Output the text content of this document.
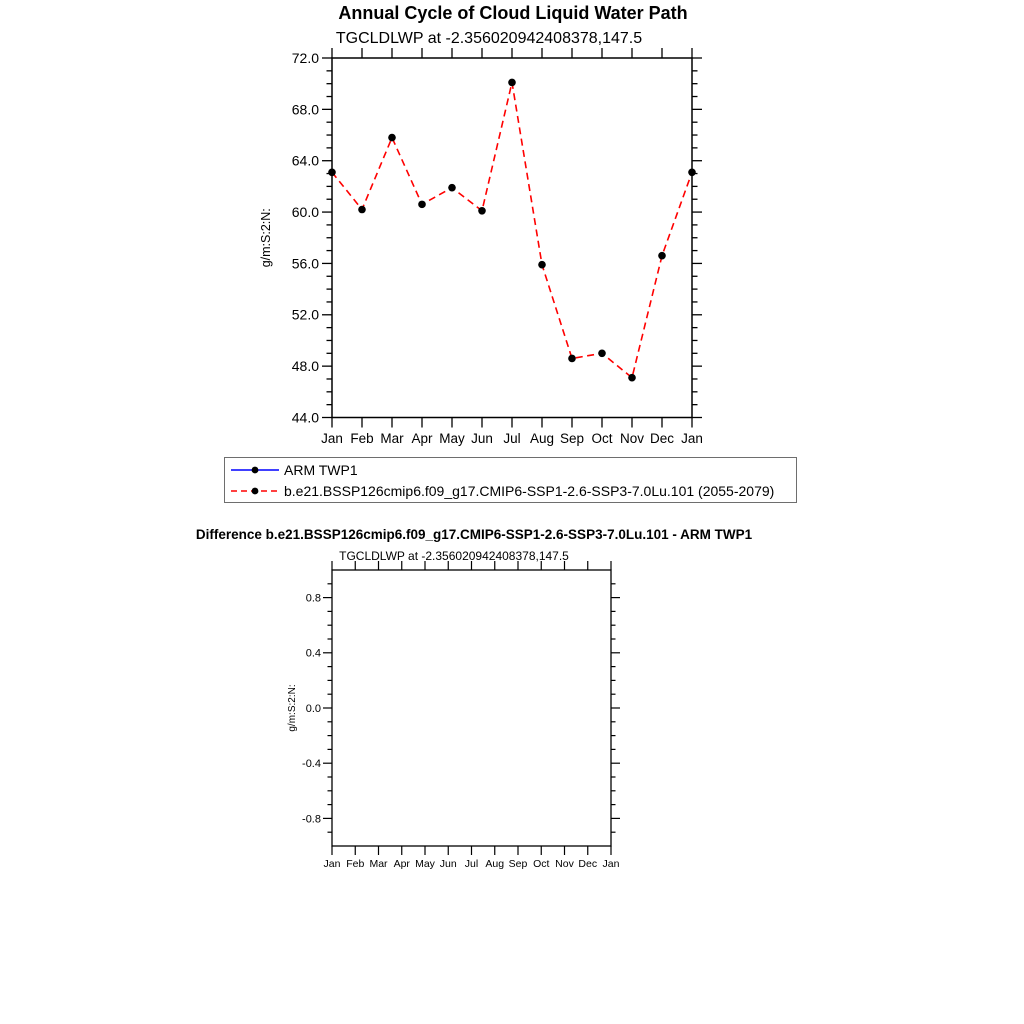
Annual Cycle of Cloud Liquid Water Path
TGCLDLWP at -2.356020942408378,147.5
Jan Feb Mar Apr May Jun Jul Aug Sep Oct Nov Dec Jan
44.0
48.0
52.0
56.0
60.0
64.0
68.0
72.0
g/m:S:2:N:
Jan Feb Mar Apr May Jun Jul Aug Sep Oct Nov Dec Jan
-0.8
-0.4
0.0
0.4
0.8
g/m:S:2:N:
ARM TWP1
b.e21.BSSP126cmip6.f09_g17.CMIP6-SSP1-2.6-SSP3-7.0Lu.101 (2055-2079)
Difference b.e21.BSSP126cmip6.f09_g17.CMIP6-SSP1-2.6-SSP3-7.0Lu.101 - ARM TWP1
TGCLDLWP at -2.356020942408378,147.5
